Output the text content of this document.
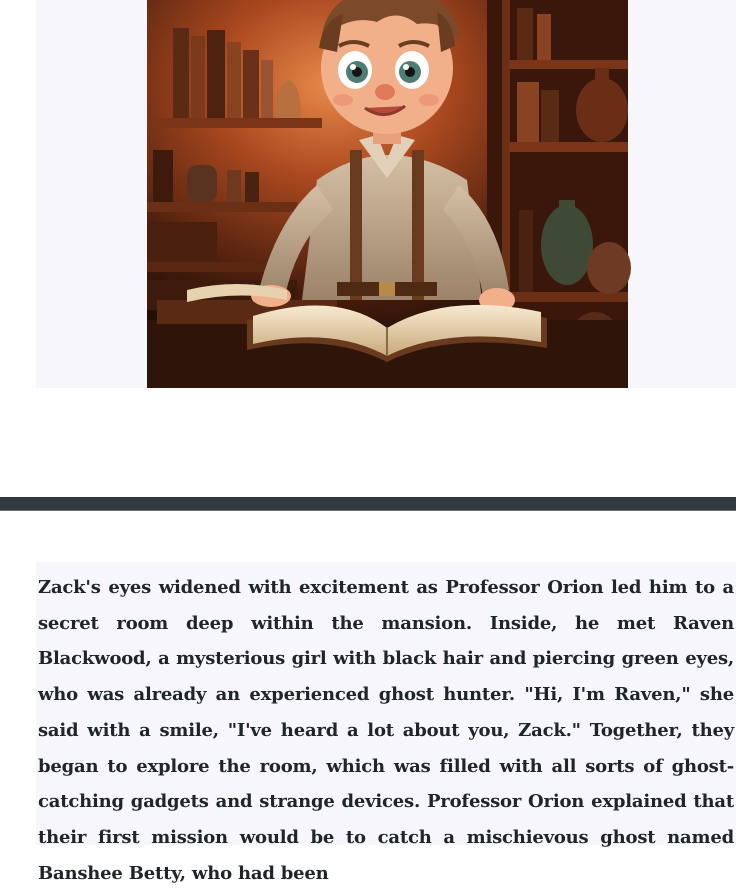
Zack's eyes widened with excitement as Professor Orion led him to a secret room deep within the mansion. Inside, he met Raven Blackwood, a mysterious girl with black hair and piercing green eyes, who was already an experienced ghost hunter. "Hi, I'm Raven," she said with a smile, "I've heard a lot about you, Zack." Together, they began to explore the room, which was filled with all sorts of ghost-catching gadgets and strange devices. Professor Orion explained that their first mission would be to catch a mischievous ghost named Banshee Betty, who had been
